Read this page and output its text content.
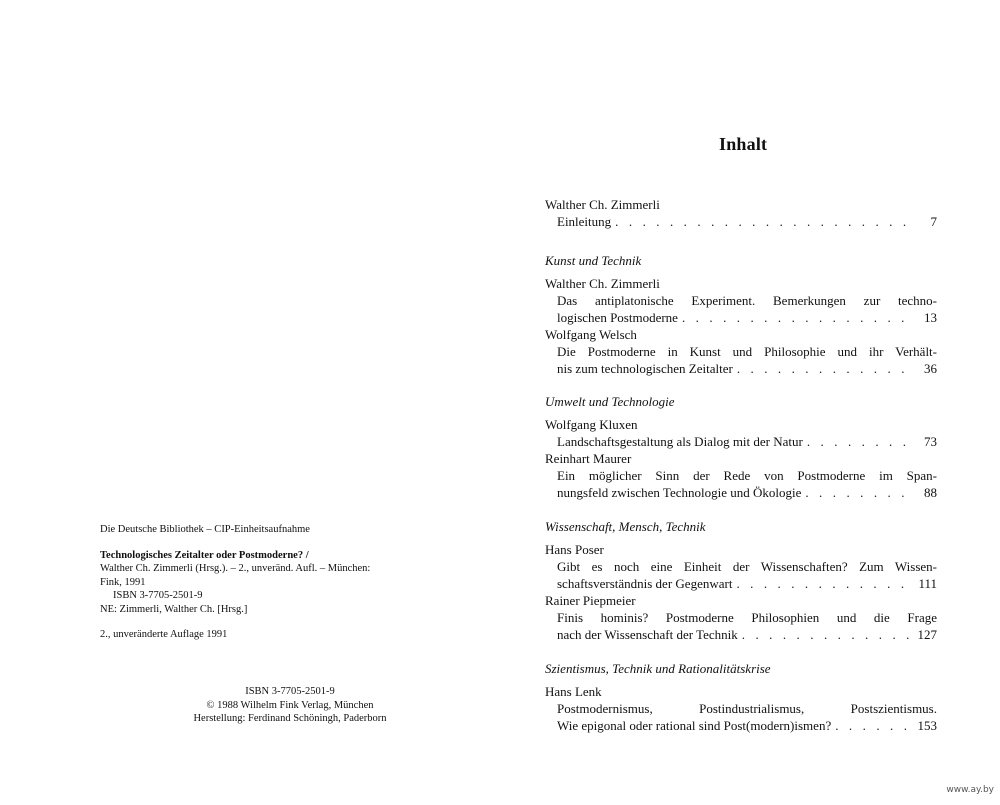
Die Deutsche Bibliothek – CIP-Einheitsaufnahme
Technologisches Zeitalter oder Postmoderne? /
Walther Ch. Zimmerli (Hrsg.). – 2., unveränd. Aufl. – München:
Fink, 1991
ISBN 3-7705-2501-9
NE: Zimmerli, Walther Ch. [Hrsg.]
2., unveränderte Auflage 1991
ISBN 3-7705-2501-9
© 1988 Wilhelm Fink Verlag, München
Herstellung: Ferdinand Schöningh, Paderborn
Inhalt
Walther Ch. Zimmerli
Einleitung . . .	7
Kunst und Technik
Walther Ch. Zimmerli
Das antiplatonische Experiment. Bemerkungen zur techno-
logischen Postmoderne . . .	13
Wolfgang Welsch
Die Postmoderne in Kunst und Philosophie und ihr Verhält-
nis zum technologischen Zeitalter . . .	36
Umwelt und Technologie
Wolfgang Kluxen
Landschaftsgestaltung als Dialog mit der Natur . . .	73
Reinhart Maurer
Ein möglicher Sinn der Rede von Postmoderne im Span-
nungsfeld zwischen Technologie und Ökologie . . .	88
Wissenschaft, Mensch, Technik
Hans Poser
Gibt es noch eine Einheit der Wissenschaften? Zum Wissen-
schaftsverständnis der Gegenwart . . .	111
Rainer Piepmeier
Finis hominis? Postmoderne Philosophien und die Frage
nach der Wissenschaft der Technik . . .	127
Szientismus, Technik und Rationalitätskrise
Hans Lenk
Postmodernismus, Postindustrialismus, Postszientismus.
Wie epigonal oder rational sind Post(modern)ismen? . . .	153
www.ay.by
